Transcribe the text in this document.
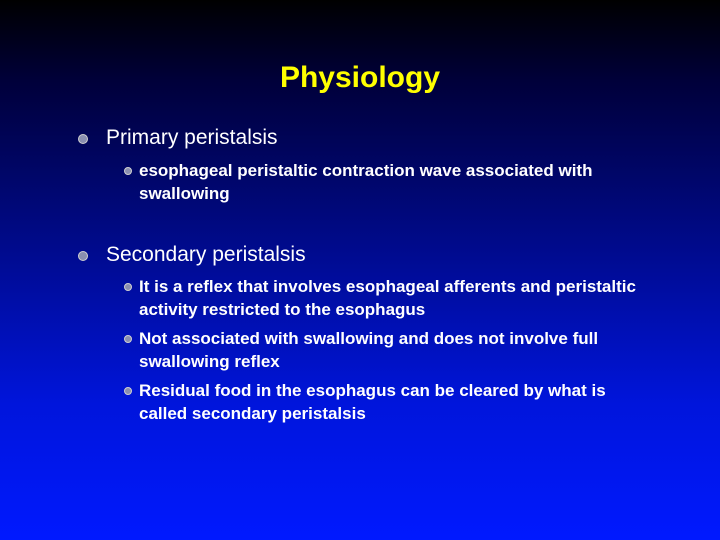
Physiology
Primary peristalsis
esophageal peristaltic contraction wave associated with swallowing
Secondary peristalsis
It is a reflex that involves esophageal afferents and peristaltic activity restricted to the esophagus
Not associated with swallowing and does not involve full swallowing reflex
Residual food in the esophagus can be cleared by what is called secondary peristalsis
